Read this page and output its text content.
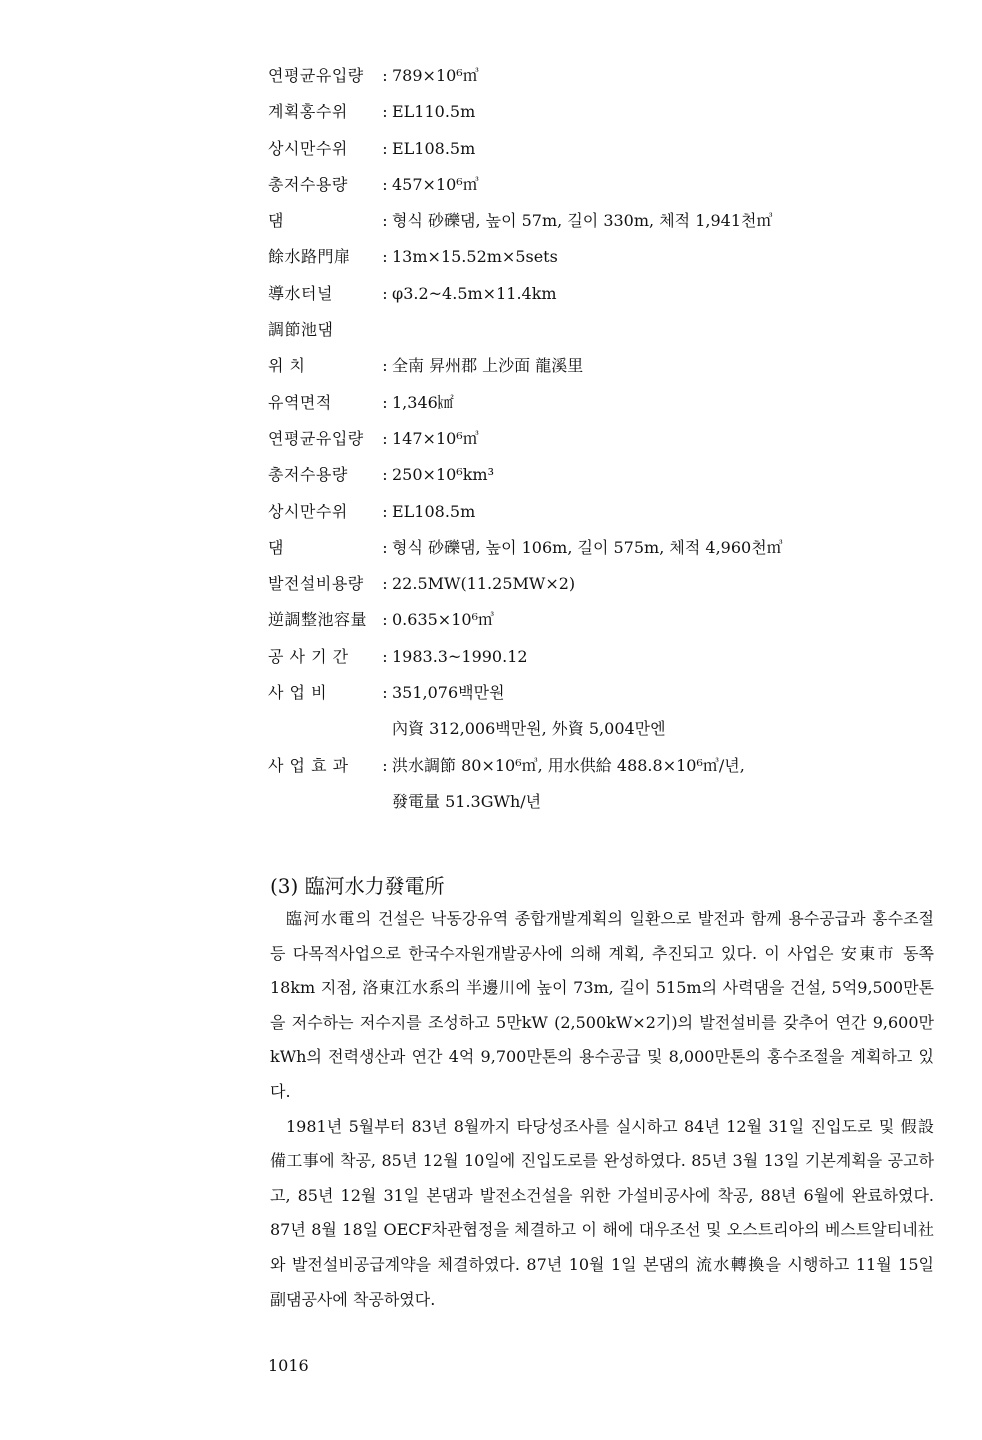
연평균유입량	: 789×10⁶㎥
계획홍수위	: EL110.5m
상시만수위	: EL108.5m
총저수용량	: 457×10⁶㎥
댐	: 형식 砂礫댐, 높이 57m, 길이 330m, 체적 1,941천㎥
餘水路門扉	: 13m×15.52m×5sets
導水터널	: φ3.2~4.5m×11.4km
調節池댐
위 치	: 全南 昇州郡 上沙面 龍溪里
유역면적	: 1,346㎢
연평균유입량	: 147×10⁶㎥
총저수용량	: 250×10⁶km³
상시만수위	: EL108.5m
댐	: 형식 砂礫댐, 높이 106m, 길이 575m, 체적 4,960천㎥
발전설비용량	: 22.5MW(11.25MW×2)
逆調整池容量 : 0.635×10⁶㎥
공 사 기 간	: 1983.3~1990.12
사 업 비	: 351,076백만원
內資 312,006백만원, 外資 5,004만엔
사 업 효 과	: 洪水調節 80×10⁶㎥, 用水供給 488.8×10⁶㎥/년,
發電量 51.3GWh/년
(3) 臨河水力發電所

臨河水電의 건설은 낙동강유역 종합개발계획의 일환으로 발전과 함께 용수공급과 홍수조절 등 다목적사업으로 한국수자원개발공사에 의해 계획, 추진되고 있다. 이 사업은 安東市 동쪽 18km 지점, 洛東江水系의 半邊川에 높이 73m, 길이 515m의 사력댐을 건설, 5억9,500만톤을 저수하는 저수지를 조성하고 5만kW (2,500kW×2기)의 발전설비를 갖추어 연간 9,600만kWh의 전력생산과 연간 4억 9,700만톤의 용수공급 및 8,000만톤의 홍수조절을 계획하고 있다.

1981년 5월부터 83년 8월까지 타당성조사를 실시하고 84년 12월 31일 진입도로 및 假設備工事에 착공, 85년 12월 10일에 진입도로를 완성하였다. 85년 3월 13일 기본계획을 공고하고, 85년 12월 31일 본댐과 발전소건설을 위한 가설비공사에 착공, 88년 6월에 완료하였다. 87년 8월 18일 OECF차관협정을 체결하고 이 해에 대우조선 및 오스트리아의 베스트알티네社와 발전설비공급계약을 체결하였다. 87년 10월 1일 본댐의 流水轉換을 시행하고 11월 15일 副댐공사에 착공하였다.

1016
